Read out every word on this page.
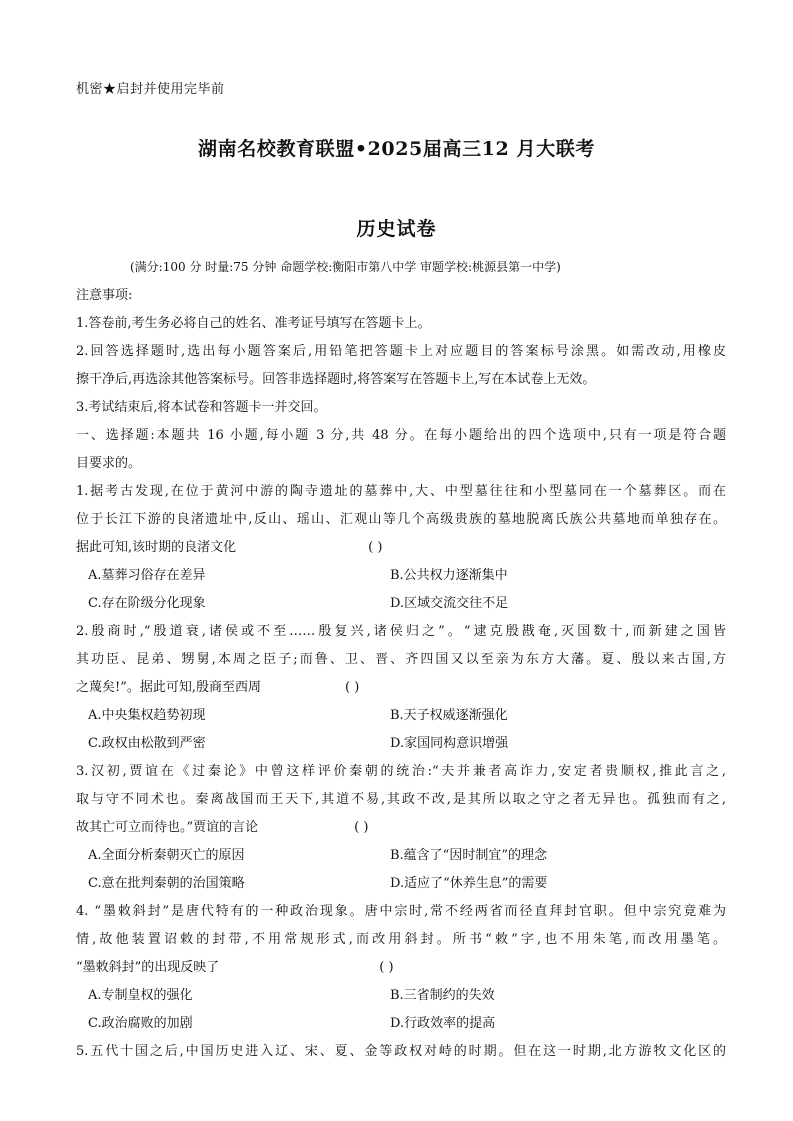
机密★启封并使用完毕前
湖南名校教育联盟•2025届高三12 月大联考
历史试卷
(满分:100 分 时量:75 分钟 命题学校:衡阳市第八中学 审题学校:桃源县第一中学)
注意事项:
1.答卷前,考生务必将自己的姓名、准考证号填写在答题卡上。
2.回答选择题时,选出每小题答案后,用铅笔把答题卡上对应题目的答案标号涂黑。如需改动,用橡皮
擦干净后,再选涂其他答案标号。回答非选择题时,将答案写在答题卡上,写在本试卷上无效。
3.考试结束后,将本试卷和答题卡一并交回。
一、选择题:本题共 16 小题,每小题 3 分,共 48 分。在每小题给出的四个选项中,只有一项是符合题
目要求的。
1.据考古发现,在位于黄河中游的陶寺遗址的墓葬中,大、中型墓往往和小型墓同在一个墓葬区。而在
位于长江下游的良渚遗址中,反山、瑶山、汇观山等几个高级贵族的墓地脱离氏族公共墓地而单独存在。
据此可知,该时期的良渚文化	( )
A.墓葬习俗存在差异	B.公共权力逐渐集中
C.存在阶级分化现象	D.区域交流交往不足
2.殷商时,“殷道衰,诸侯或不至……殷复兴,诸侯归之”。“逮克殷戡奄,灭国数十,而新建之国皆
其功臣、昆弟、甥舅,本周之臣子;而鲁、卫、晋、齐四国又以至亲为东方大藩。夏、殷以来古国,方
之蔑矣!”。据此可知,殷商至西周	( )
A.中央集权趋势初现	B.天子权威逐渐强化
C.政权由松散到严密	D.家国同构意识增强
3.汉初,贾谊在《过秦论》中曾这样评价秦朝的统治:“夫并兼者高诈力,安定者贵顺权,推此言之,
取与守不同术也。秦离战国而王天下,其道不易,其政不改,是其所以取之守之者无异也。孤独而有之,
故其亡可立而待也。”贾谊的言论	( )
A.全面分析秦朝灭亡的原因	B.蕴含了“因时制宜”的理念
C.意在批判秦朝的治国策略	D.适应了“休养生息”的需要
4. “墨敕斜封”是唐代特有的一种政治现象。唐中宗时,常不经两省而径直拜封官职。但中宗究竟难为
情,故他装置诏敕的封带,不用常规形式,而改用斜封。所书“敕”字,也不用朱笔,而改用墨笔。
“墨敕斜封”的出现反映了	( )
A.专制皇权的强化	B.三省制约的失效
C.政治腐败的加剧	D.行政效率的提高
5.五代十国之后,中国历史进入辽、宋、夏、金等政权对峙的时期。但在这一时期,北方游牧文化区的
